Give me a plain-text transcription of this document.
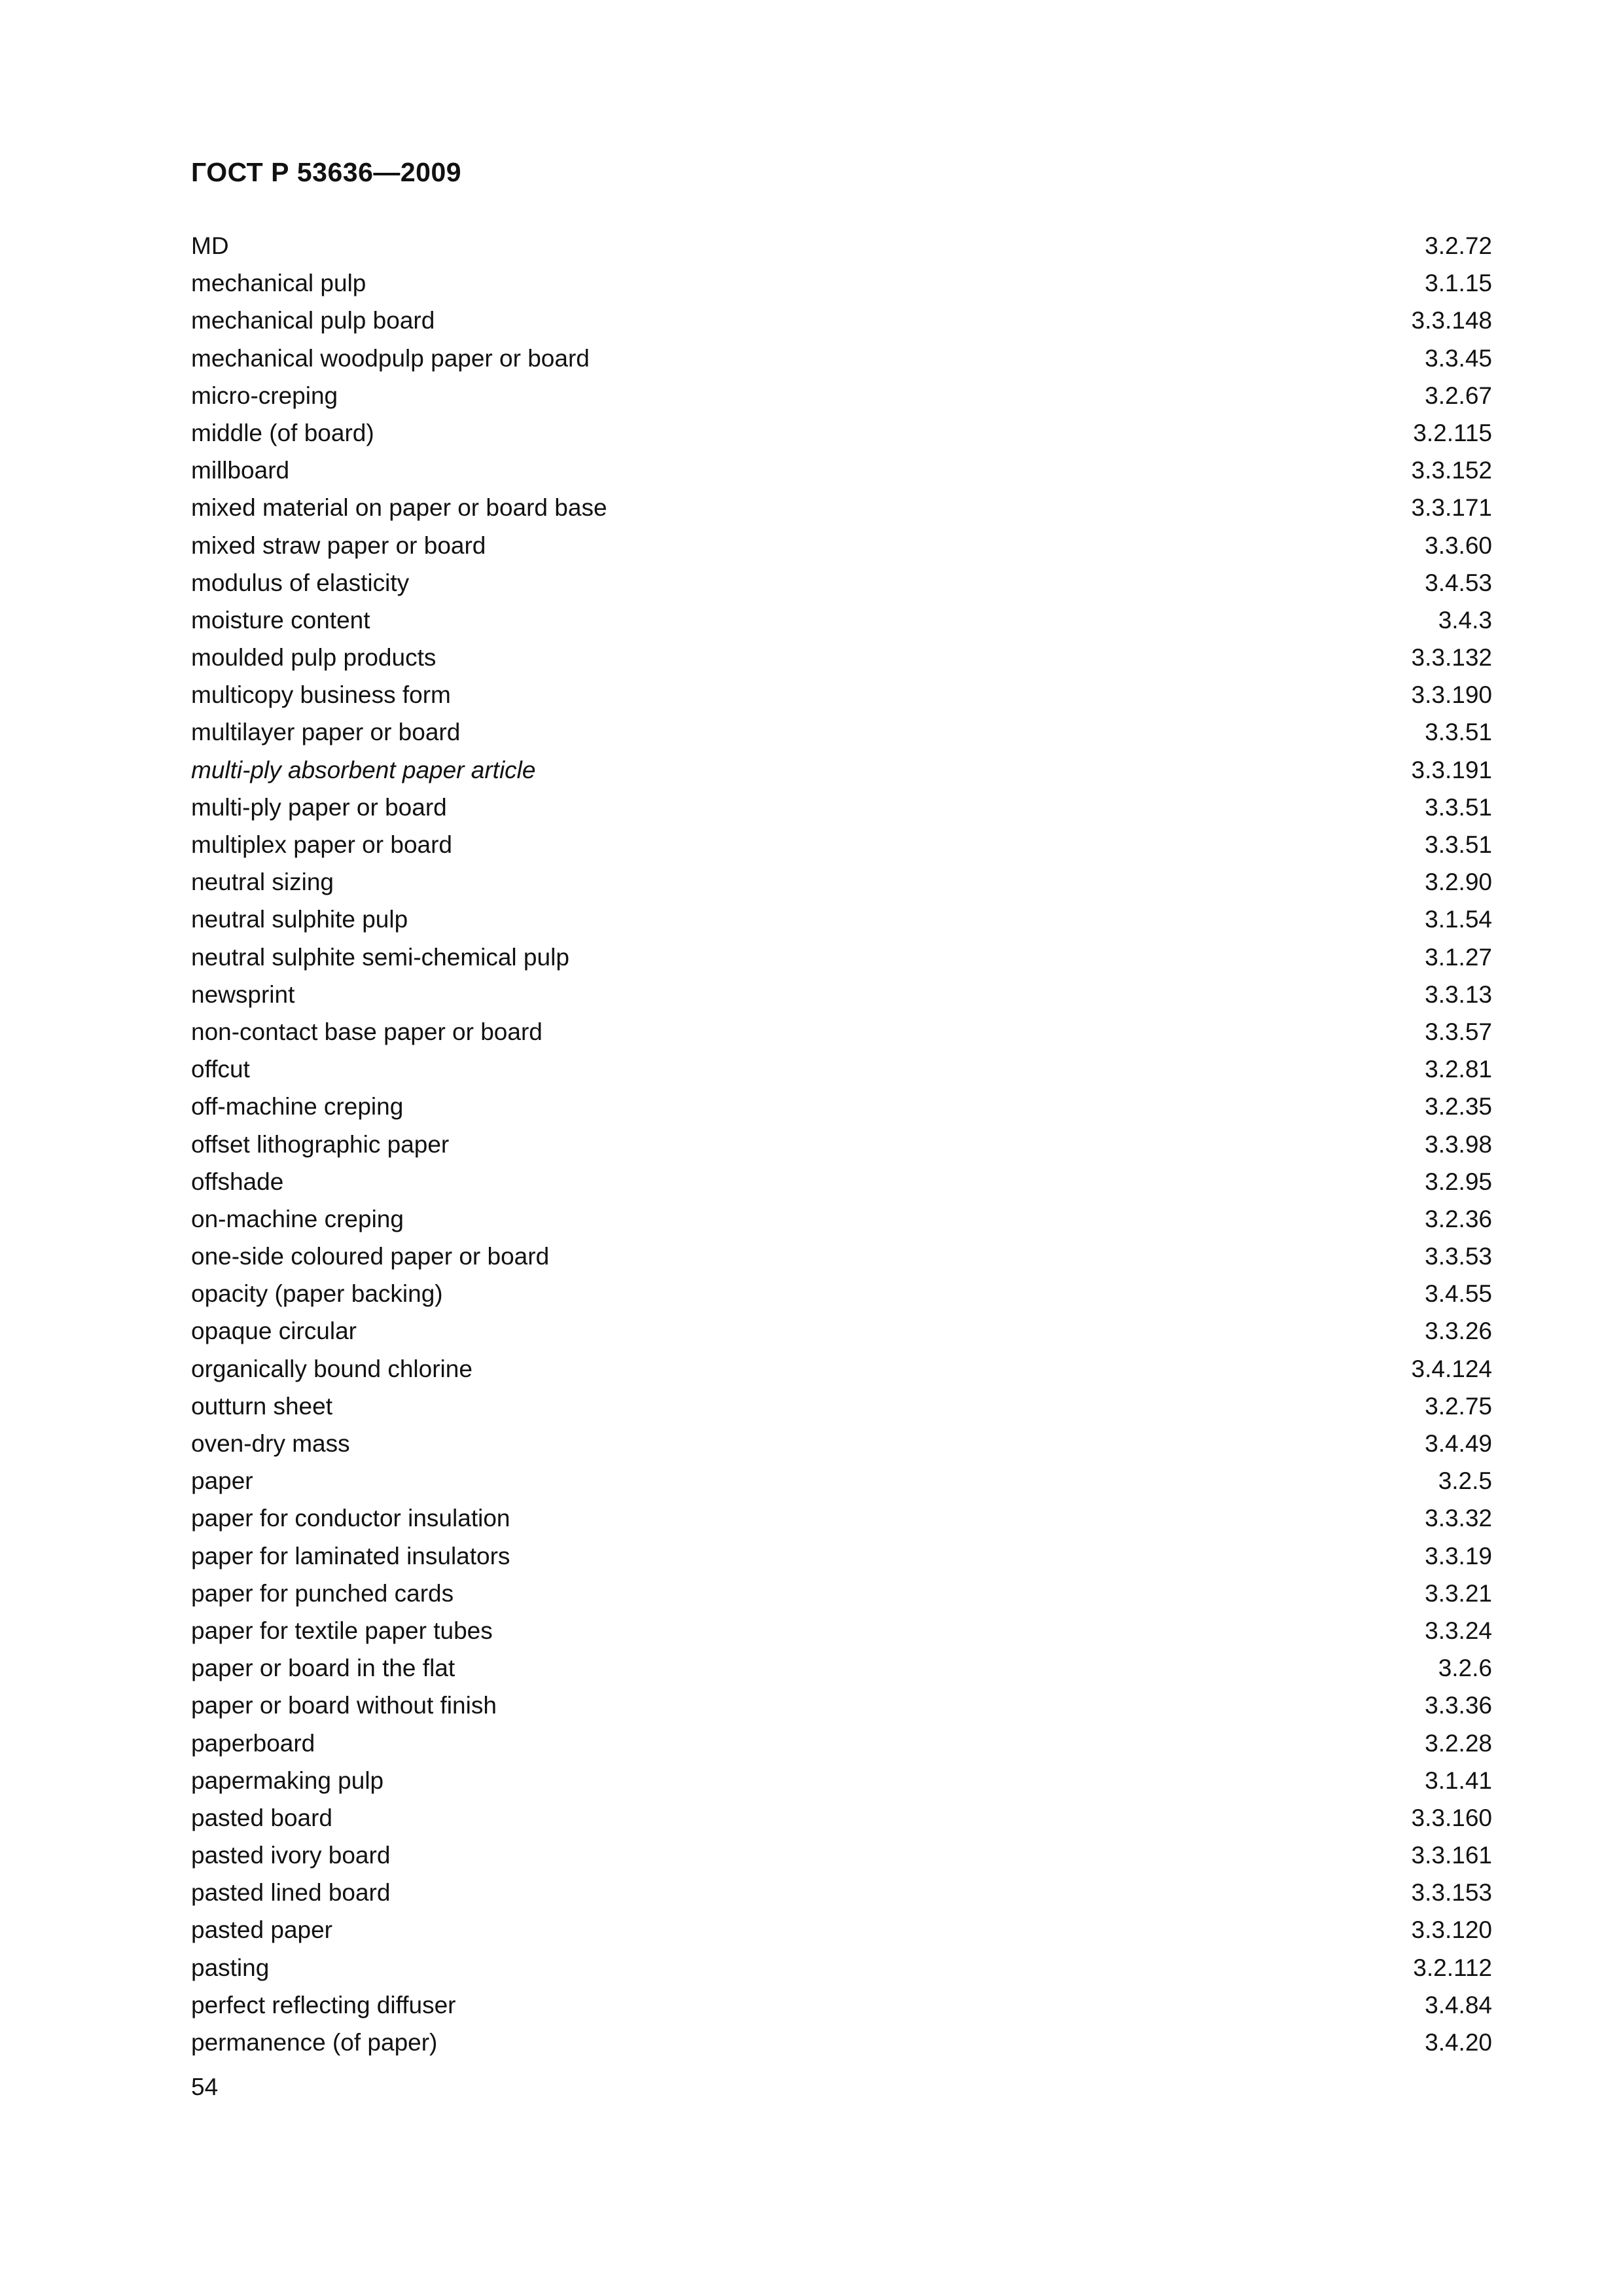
ГОСТ Р 53636—2009
MD	3.2.72
mechanical pulp	3.1.15
mechanical pulp board	3.3.148
mechanical woodpulp paper or board	3.3.45
micro-creping	3.2.67
middle (of board)	3.2.115
millboard	3.3.152
mixed material on paper or board base	3.3.171
mixed straw paper or board	3.3.60
modulus of elasticity	3.4.53
moisture content	3.4.3
moulded pulp products	3.3.132
multicopy business form	3.3.190
multilayer paper or board	3.3.51
multi-ply absorbent paper article	3.3.191
multi-ply paper or board	3.3.51
multiplex paper or board	3.3.51
neutral sizing	3.2.90
neutral sulphite pulp	3.1.54
neutral sulphite semi-chemical pulp	3.1.27
newsprint	3.3.13
non-contact base paper or board	3.3.57
offcut	3.2.81
off-machine creping	3.2.35
offset lithographic paper	3.3.98
offshade	3.2.95
on-machine creping	3.2.36
one-side coloured paper or board	3.3.53
opacity (paper backing)	3.4.55
opaque circular	3.3.26
organically bound chlorine	3.4.124
outturn sheet	3.2.75
oven-dry mass	3.4.49
paper	3.2.5
paper for conductor insulation	3.3.32
paper for laminated insulators	3.3.19
paper for punched cards	3.3.21
paper for textile paper tubes	3.3.24
paper or board in the flat	3.2.6
paper or board without finish	3.3.36
paperboard	3.2.28
papermaking pulp	3.1.41
pasted board	3.3.160
pasted ivory board	3.3.161
pasted lined board	3.3.153
pasted paper	3.3.120
pasting	3.2.112
perfect reflecting diffuser	3.4.84
permanence (of paper)	3.4.20
54
